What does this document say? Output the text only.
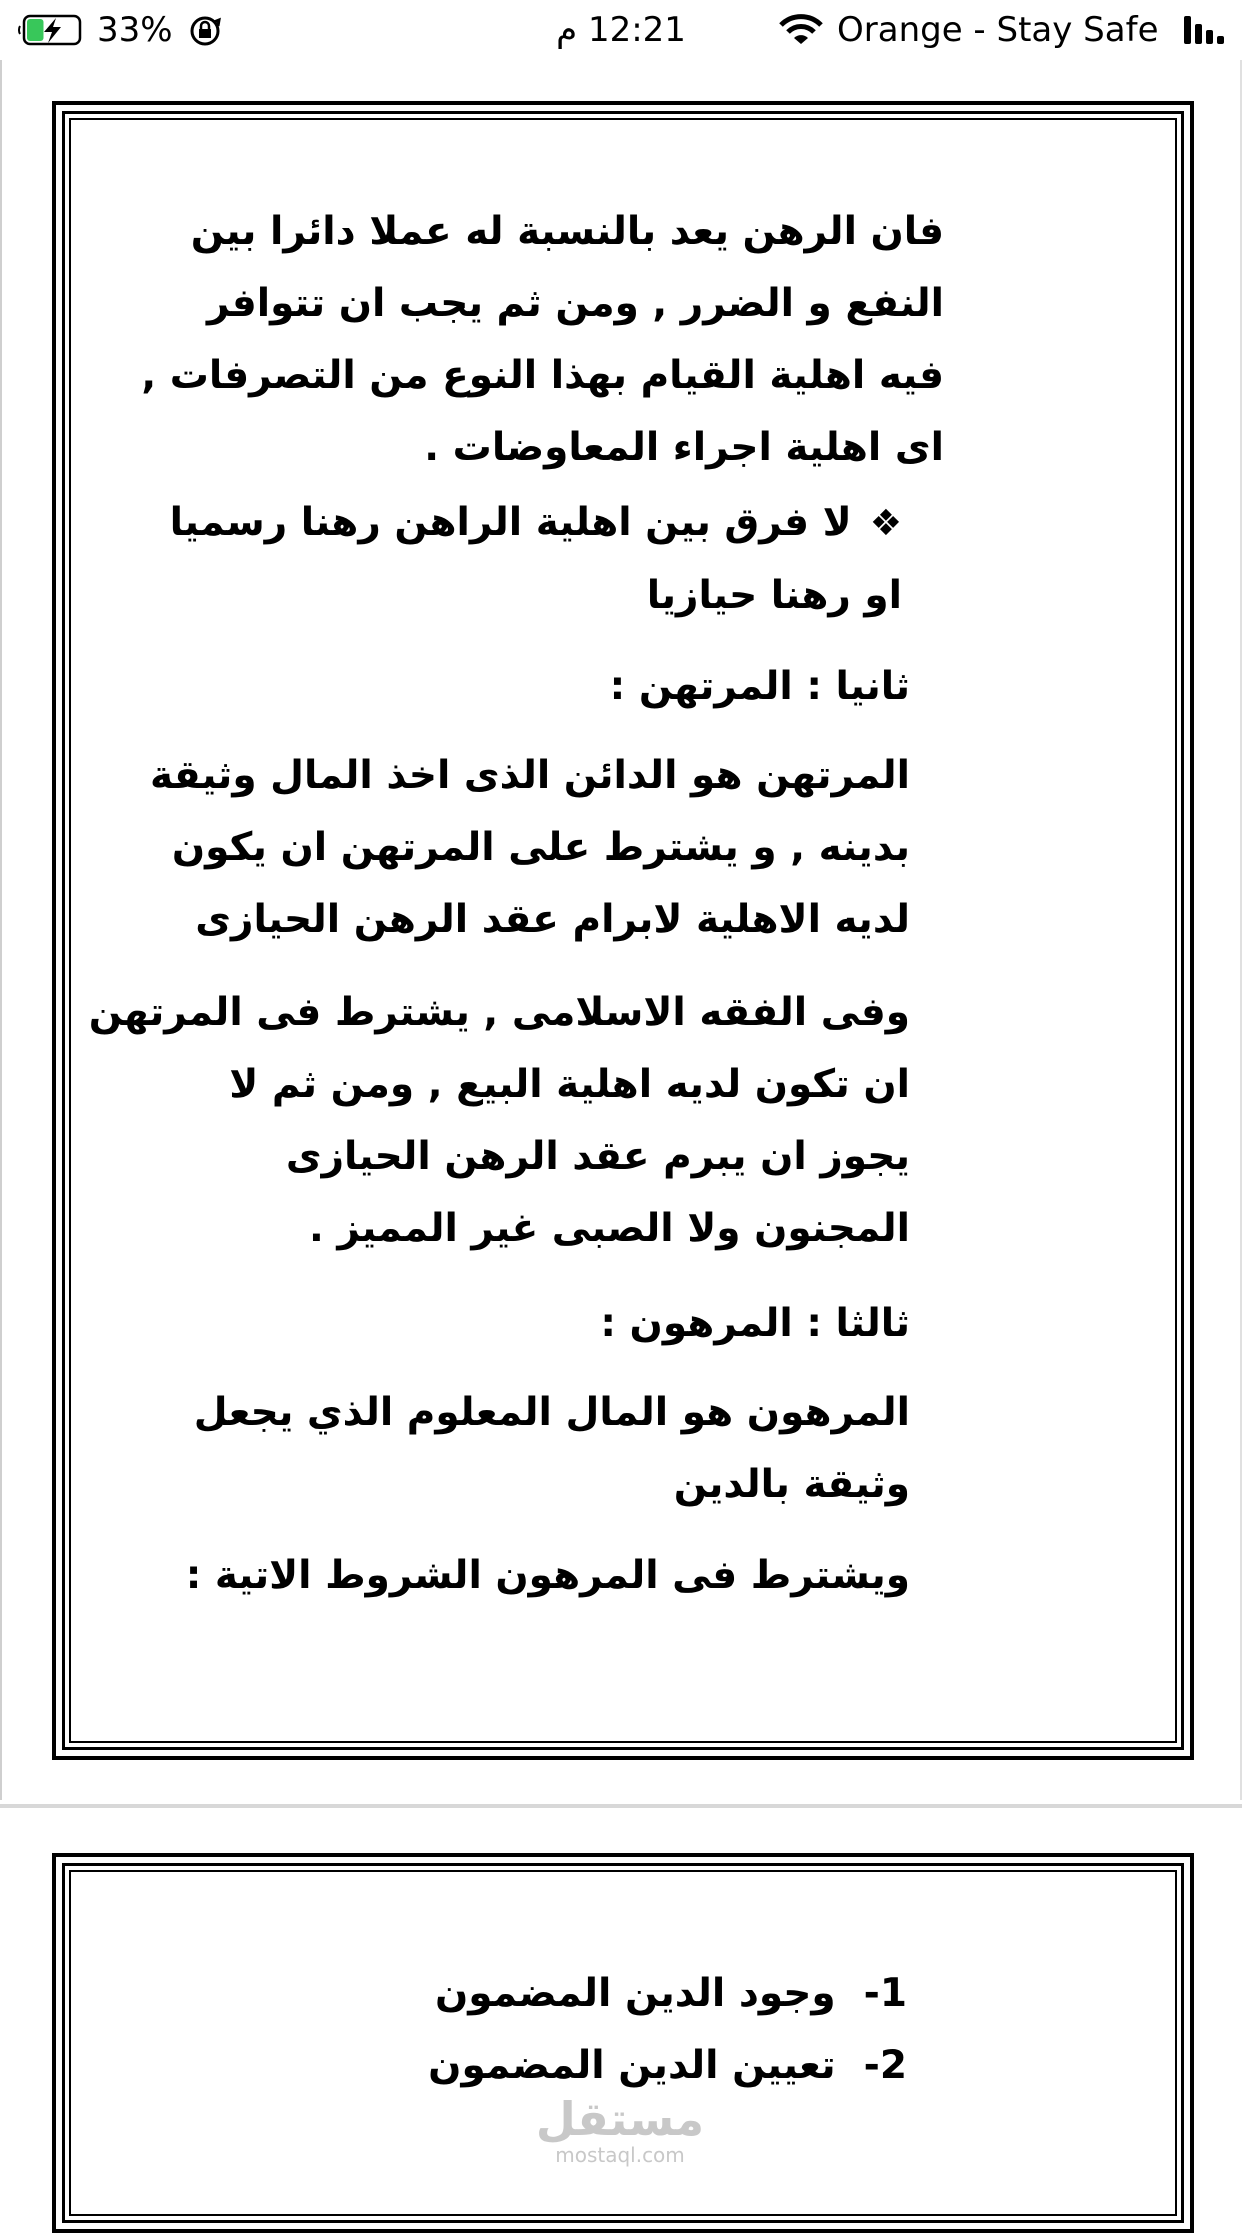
33%	12:21 م	Orange - Stay Safe
فان الرهن يعد بالنسبة له عملا دائرا بين
النفع و الضرر , ومن ثم يجب ان تتوافر
فيه اهلية القيام بهذا النوع من التصرفات ,
اى اهلية اجراء المعاوضات .
❖لا فرق بين اهلية الراهن رهنا رسميا
او رهنا حيازيا
ثانيا : المرتهن :
المرتهن هو الدائن الذى اخذ المال وثيقة
بدينه , و يشترط على المرتهن ان يكون
لديه الاهلية لابرام عقد الرهن الحيازى
وفى الفقه الاسلامى , يشترط فى المرتهن
ان تكون لديه اهلية البيع , ومن ثم لا
يجوز ان يبرم عقد الرهن الحيازى
المجنون ولا الصبى غير المميز .
ثالثا : المرهون :
المرهون هو المال المعلوم الذي يجعل
وثيقة بالدين
ويشترط فى المرهون الشروط الاتية :
1-وجود الدين المضمون
2-تعيين الدين المضمون
مستقل
mostaql.com
